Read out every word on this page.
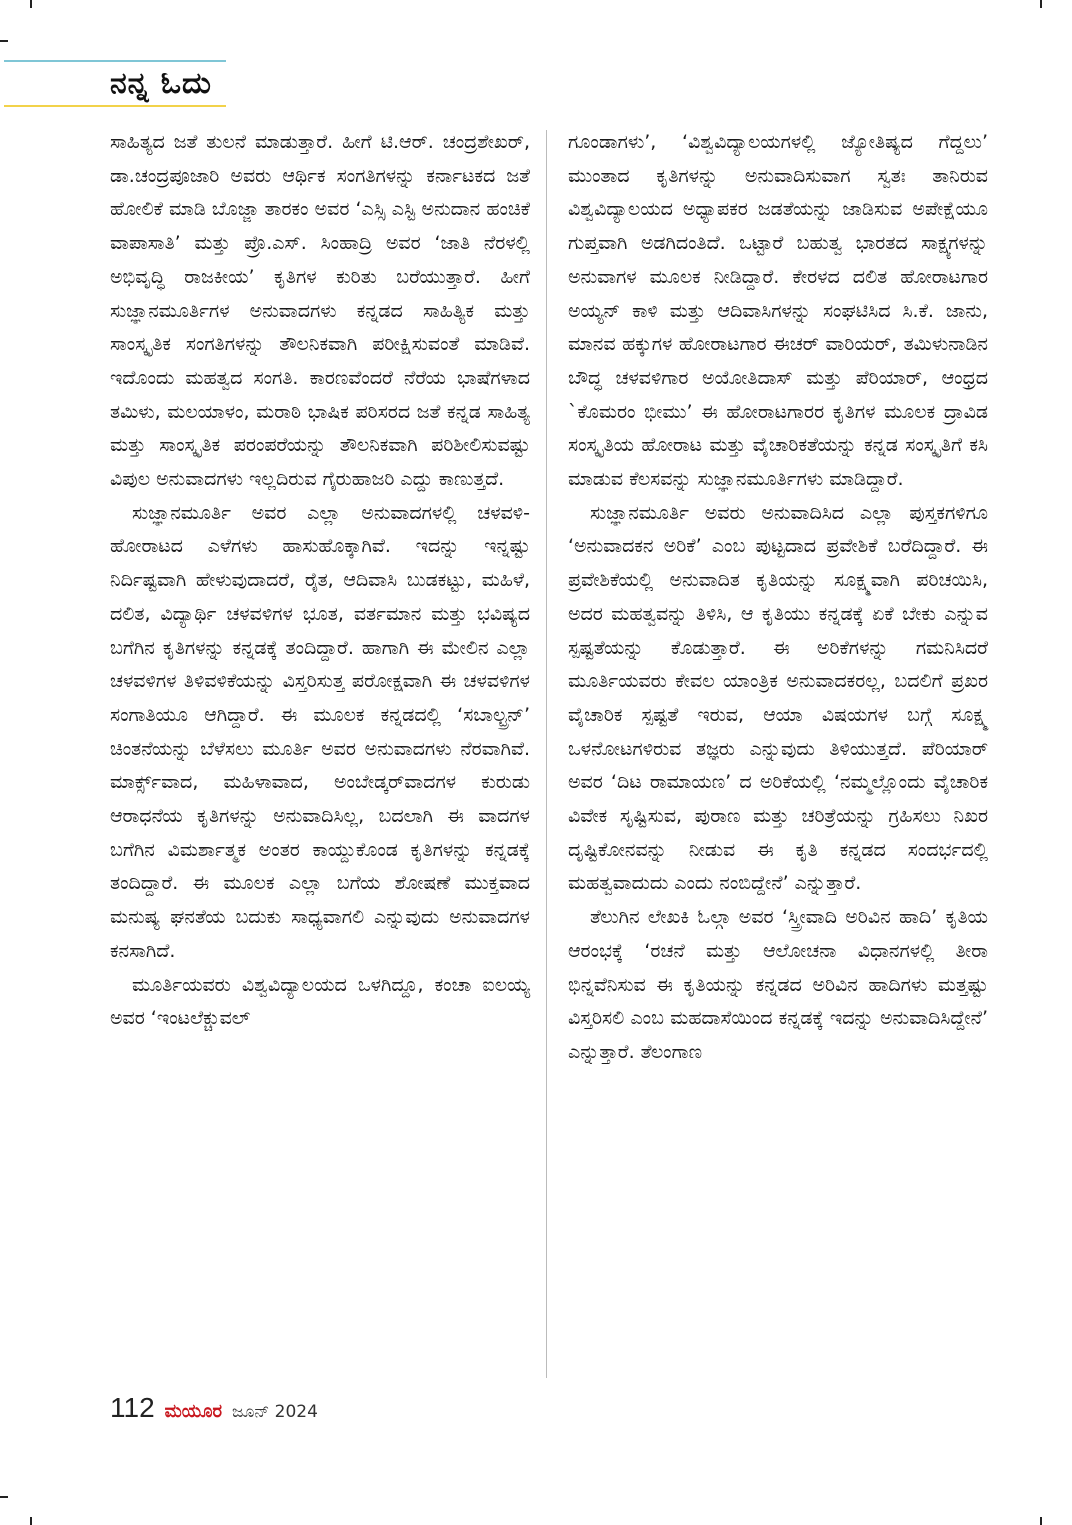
ನನ್ನ ಓದು

ಸಾಹಿತ್ಯದ ಜತೆ ತುಲನೆ ಮಾಡುತ್ತಾರೆ. ಹೀಗೆ ಟಿ.ಆರ್. ಚಂದ್ರಶೇಖರ್, ಡಾ.ಚಂದ್ರಪೂಜಾರಿ ಅವರು ಆರ್ಥಿಕ ಸಂಗತಿಗಳನ್ನು ಕರ್ನಾಟಕದ ಜತೆ ಹೋಲಿಕೆ ಮಾಡಿ ಬೊಜ್ಜಾ ತಾರಕಂ ಅವರ ‘ಎಸ್ಸಿ ಎಸ್ಟಿ ಅನುದಾನ ಹಂಚಿಕೆ ವಾಪಾಸಾತಿ’ ಮತ್ತು ಪ್ರೊ.ಎಸ್. ಸಿಂಹಾದ್ರಿ ಅವರ ‘ಜಾತಿ ನೆರಳಲ್ಲಿ ಅಭಿವೃದ್ಧಿ ರಾಜಕೀಯ’ ಕೃತಿಗಳ ಕುರಿತು ಬರೆಯುತ್ತಾರೆ. ಹೀಗೆ ಸುಜ್ಞಾನಮೂರ್ತಿಗಳ ಅನುವಾದಗಳು ಕನ್ನಡದ ಸಾಹಿತ್ಯಿಕ ಮತ್ತು ಸಾಂಸ್ಕೃತಿಕ ಸಂಗತಿಗಳನ್ನು ತೌಲನಿಕವಾಗಿ ಪರೀಕ್ಷಿಸುವಂತೆ ಮಾಡಿವೆ. ಇದೊಂದು ಮಹತ್ವದ ಸಂಗತಿ. ಕಾರಣವೆಂದರೆ ನೆರೆಯ ಭಾಷೆಗಳಾದ ತಮಿಳು, ಮಲಯಾಳಂ, ಮರಾಠಿ ಭಾಷಿಕ ಪರಿಸರದ ಜತೆ ಕನ್ನಡ ಸಾಹಿತ್ಯ ಮತ್ತು ಸಾಂಸ್ಕೃತಿಕ ಪರಂಪರೆಯನ್ನು ತೌಲನಿಕವಾಗಿ ಪರಿಶೀಲಿಸುವಷ್ಟು ವಿಪುಲ ಅನುವಾದಗಳು ಇಲ್ಲದಿರುವ ಗೈರುಹಾಜರಿ ಎದ್ದು ಕಾಣುತ್ತದೆ.

ಸುಜ್ಞಾನಮೂರ್ತಿ ಅವರ ಎಲ್ಲಾ ಅನುವಾದಗಳಲ್ಲಿ ಚಳವಳಿ-ಹೋರಾಟದ ಎಳೆಗಳು ಹಾಸುಹೊಕ್ಕಾಗಿವೆ. ಇದನ್ನು ಇನ್ನಷ್ಟು ನಿರ್ದಿಷ್ಟವಾಗಿ ಹೇಳುವುದಾದರೆ, ರೈತ, ಆದಿವಾಸಿ ಬುಡಕಟ್ಟು, ಮಹಿಳೆ, ದಲಿತ, ವಿದ್ಯಾರ್ಥಿ ಚಳವಳಿಗಳ ಭೂತ, ವರ್ತಮಾನ ಮತ್ತು ಭವಿಷ್ಯದ ಬಗೆಗಿನ ಕೃತಿಗಳನ್ನು ಕನ್ನಡಕ್ಕೆ ತಂದಿದ್ದಾರೆ. ಹಾಗಾಗಿ ಈ ಮೇಲಿನ ಎಲ್ಲಾ ಚಳವಳಿಗಳ ತಿಳಿವಳಿಕೆಯನ್ನು ವಿಸ್ತರಿಸುತ್ತ ಪರೋಕ್ಷವಾಗಿ ಈ ಚಳವಳಿಗಳ ಸಂಗಾತಿಯೂ ಆಗಿದ್ದಾರೆ. ಈ ಮೂಲಕ ಕನ್ನಡದಲ್ಲಿ ‘ಸಬಾಲ್ಟ್ರನ್’ ಚಿಂತನೆಯನ್ನು ಬೆಳೆಸಲು ಮೂರ್ತಿ ಅವರ ಅನುವಾದಗಳು ನೆರವಾಗಿವೆ. ಮಾರ್ಕ್ಸ್‌ವಾದ, ಮಹಿಳಾವಾದ, ಅಂಬೇಡ್ಕರ್‌ವಾದಗಳ ಕುರುಡು ಆರಾಧನೆಯ ಕೃತಿಗಳನ್ನು ಅನುವಾದಿಸಿಲ್ಲ, ಬದಲಾಗಿ ಈ ವಾದಗಳ ಬಗೆಗಿನ ವಿಮರ್ಶಾತ್ಮಕ ಅಂತರ ಕಾಯ್ದುಕೊಂಡ ಕೃತಿಗಳನ್ನು ಕನ್ನಡಕ್ಕೆ ತಂದಿದ್ದಾರೆ. ಈ ಮೂಲಕ ಎಲ್ಲಾ ಬಗೆಯ ಶೋಷಣೆ ಮುಕ್ತವಾದ ಮನುಷ್ಯ ಘನತೆಯ ಬದುಕು ಸಾಧ್ಯವಾಗಲಿ ಎನ್ನುವುದು ಅನುವಾದಗಳ ಕನಸಾಗಿದೆ.

ಮೂರ್ತಿಯವರು ವಿಶ್ವವಿದ್ಯಾಲಯದ ಒಳಗಿದ್ದೂ, ಕಂಚಾ ಐಲಯ್ಯ ಅವರ ‘ಇಂಟಲೆಕ್ಚುವಲ್

ಗೂಂಡಾಗಳು’, ‘ವಿಶ್ವವಿದ್ಯಾಲಯಗಳಲ್ಲಿ ಜ್ಯೋತಿಷ್ಯದ ಗೆದ್ದಲು’ ಮುಂತಾದ ಕೃತಿಗಳನ್ನು ಅನುವಾದಿಸುವಾಗ ಸ್ವತಃ ತಾನಿರುವ ವಿಶ್ವವಿದ್ಯಾಲಯದ ಅಧ್ಯಾಪಕರ ಜಡತೆಯನ್ನು ಜಾಡಿಸುವ ಅಪೇಕ್ಷೆಯೂ ಗುಪ್ತವಾಗಿ ಅಡಗಿದಂತಿದೆ. ಒಟ್ಟಾರೆ ಬಹುತ್ವ ಭಾರತದ ಸಾಕ್ಷ್ಯಗಳನ್ನು ಅನುವಾಗಳ ಮೂಲಕ ನೀಡಿದ್ದಾರೆ. ಕೇರಳದ ದಲಿತ ಹೋರಾಟಗಾರ ಅಯ್ಯನ್ ಕಾಳಿ ಮತ್ತು ಆದಿವಾಸಿಗಳನ್ನು ಸಂಘಟಿಸಿದ ಸಿ.ಕೆ. ಜಾನು, ಮಾನವ ಹಕ್ಕುಗಳ ಹೋರಾಟಗಾರ ಈಚರ್ ವಾರಿಯರ್, ತಮಿಳುನಾಡಿನ ಬೌದ್ಧ ಚಳವಳಿಗಾರ ಅಯೋತಿದಾಸ್ ಮತ್ತು ಪೆರಿಯಾರ್, ಆಂಧ್ರದ `ಕೊಮರಂ ಭೀಮು’ ಈ ಹೋರಾಟಗಾರರ ಕೃತಿಗಳ ಮೂಲಕ ದ್ರಾವಿಡ ಸಂಸ್ಕೃತಿಯ ಹೋರಾಟ ಮತ್ತು ವೈಚಾರಿಕತೆಯನ್ನು ಕನ್ನಡ ಸಂಸ್ಕೃತಿಗೆ ಕಸಿ ಮಾಡುವ ಕೆಲಸವನ್ನು ಸುಜ್ಞಾನಮೂರ್ತಿಗಳು ಮಾಡಿದ್ದಾರೆ.

ಸುಜ್ಞಾನಮೂರ್ತಿ ಅವರು ಅನುವಾದಿಸಿದ ಎಲ್ಲಾ ಪುಸ್ತಕಗಳಿಗೂ ‘ಅನುವಾದಕನ ಅರಿಕೆ’ ಎಂಬ ಪುಟ್ಟದಾದ ಪ್ರವೇಶಿಕೆ ಬರೆದಿದ್ದಾರೆ. ಈ ಪ್ರವೇಶಿಕೆಯಲ್ಲಿ ಅನುವಾದಿತ ಕೃತಿಯನ್ನು ಸೂಕ್ಷ್ಮವಾಗಿ ಪರಿಚಯಿಸಿ, ಅದರ ಮಹತ್ವವನ್ನು ತಿಳಿಸಿ, ಆ ಕೃತಿಯು ಕನ್ನಡಕ್ಕೆ ಏಕೆ ಬೇಕು ಎನ್ನುವ ಸ್ಪಷ್ಟತೆಯನ್ನು ಕೊಡುತ್ತಾರೆ. ಈ ಅರಿಕೆಗಳನ್ನು ಗಮನಿಸಿದರೆ ಮೂರ್ತಿಯವರು ಕೇವಲ ಯಾಂತ್ರಿಕ ಅನುವಾದಕರಲ್ಲ, ಬದಲಿಗೆ ಪ್ರಖರ ವೈಚಾರಿಕ ಸ್ಪಷ್ಟತೆ ಇರುವ, ಆಯಾ ವಿಷಯಗಳ ಬಗ್ಗೆ ಸೂಕ್ಷ್ಮ ಒಳನೋಟಗಳಿರುವ ತಜ್ಞರು ಎನ್ನುವುದು ತಿಳಿಯುತ್ತದೆ. ಪೆರಿಯಾರ್ ಅವರ ‘ದಿಟ ರಾಮಾಯಣ’ ದ ಅರಿಕೆಯಲ್ಲಿ ‘ನಮ್ಮಲ್ಲೊಂದು ವೈಚಾರಿಕ ವಿವೇಕ ಸೃಷ್ಟಿಸುವ, ಪುರಾಣ ಮತ್ತು ಚರಿತ್ರೆಯನ್ನು ಗ್ರಹಿಸಲು ನಿಖರ ದೃಷ್ಟಿಕೋನವನ್ನು ನೀಡುವ ಈ ಕೃತಿ ಕನ್ನಡದ ಸಂದರ್ಭದಲ್ಲಿ ಮಹತ್ವವಾದುದು ಎಂದು ನಂಬಿದ್ದೇನೆ’ ಎನ್ನುತ್ತಾರೆ.

ತೆಲುಗಿನ ಲೇಖಕಿ ಓಲ್ಗಾ ಅವರ ‘ಸ್ತ್ರೀವಾದಿ ಅರಿವಿನ ಹಾದಿ’ ಕೃತಿಯ ಆರಂಭಕ್ಕೆ ‘ರಚನೆ ಮತ್ತು ಆಲೋಚನಾ ವಿಧಾನಗಳಲ್ಲಿ ತೀರಾ ಭಿನ್ನವೆನಿಸುವ ಈ ಕೃತಿಯನ್ನು ಕನ್ನಡದ ಅರಿವಿನ ಹಾದಿಗಳು ಮತ್ತಷ್ಟು ವಿಸ್ತರಿಸಲಿ ಎಂಬ ಮಹದಾಸೆಯಿಂದ ಕನ್ನಡಕ್ಕೆ ಇದನ್ನು ಅನುವಾದಿಸಿದ್ದೇನೆ’ ಎನ್ನುತ್ತಾರೆ. ತೆಲಂಗಾಣ

112 ಮಯೂರ ಜೂನ್ 2024
